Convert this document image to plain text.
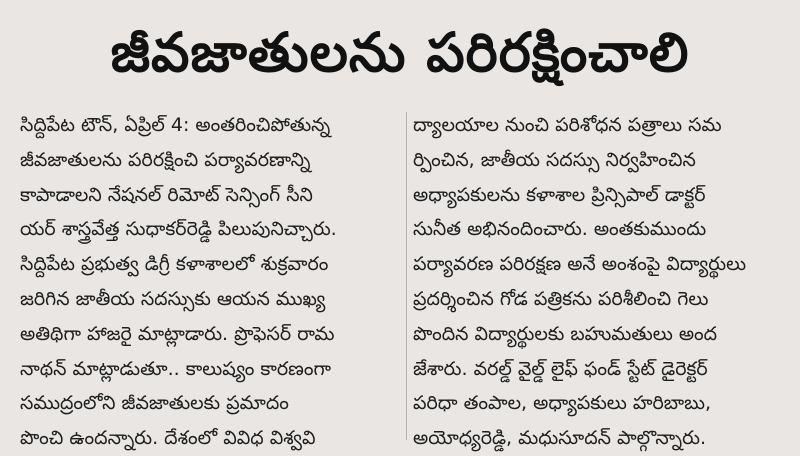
జీవజాతులను పరిరక్షించాలి
సిద్దిపేట టౌన్, ఏప్రిల్ 4: అంతరించిపోతున్న
జీవజాతులను పరిరక్షించి పర్యావరణాన్ని
కాపాడాలని నేషనల్ రిమోట్ సెన్సింగ్ సీని
యర్ శాస్త్రవేత్త సుధాకర్‌రెడ్డి పిలుపునిచ్చారు.
సిద్దిపేట ప్రభుత్వ డిగ్రీ కళాశాలలో శుక్రవారం
జరిగిన జాతీయ సదస్సుకు ఆయన ముఖ్య
అతిథిగా హాజరై మాట్లాడారు. ప్రొఫెసర్ రామ
నాథన్ మాట్లాడుతూ.. కాలుష్యం కారణంగా
సముద్రంలోని జీవజాతులకు ప్రమాదం
పొంచి ఉందన్నారు. దేశంలో వివిధ విశ్వవి
ద్యాలయాల నుంచి పరిశోధన పత్రాలు సమ
ర్పించిన, జాతీయ సదస్సు నిర్వహించిన
అధ్యాపకులను కళాశాల ప్రిన్సిపాల్ డాక్టర్
సునీత అభినందించారు. అంతకుముందు
పర్యావరణ పరిరక్షణ అనే అంశంపై విద్యార్థులు
ప్రదర్శించిన గోడ పత్రికను పరిశీలించి గెలు
పొందిన విద్యార్థులకు బహుమతులు అంద
జేశారు. వరల్డ్ వైల్డ్ లైఫ్ ఫండ్ స్టేట్ డైరెక్టర్
పరిధా తంపాల, అధ్యాపకులు హరిబాబు,
అయోధ్యరెడ్డి, మధుసూదన్ పాల్గొన్నారు.
